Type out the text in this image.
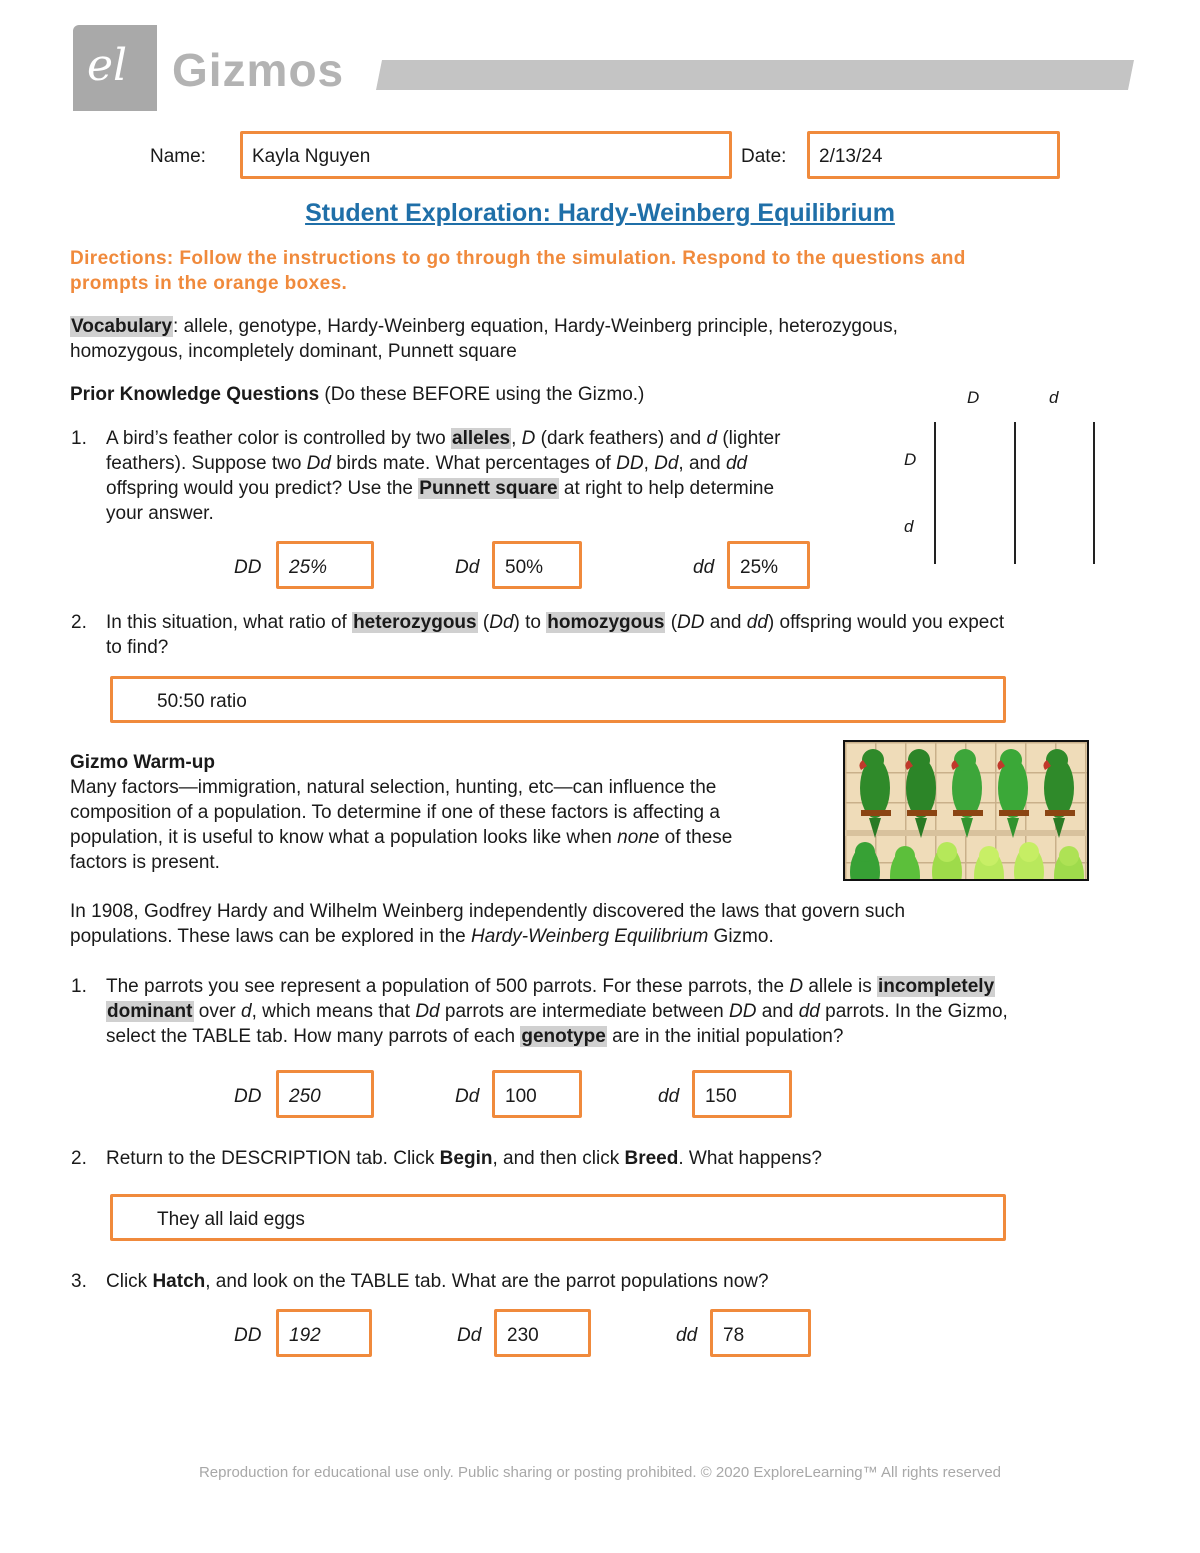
el Gizmos
Name: Kayla Nguyen	Date: 2/13/24
Student Exploration: Hardy-Weinberg Equilibrium
Directions: Follow the instructions to go through the simulation. Respond to the questions and
prompts in the orange boxes.
Vocabulary: allele, genotype, Hardy-Weinberg equation, Hardy-Weinberg principle, heterozygous,
homozygous, incompletely dominant, Punnett square
Prior Knowledge Questions (Do these BEFORE using the Gizmo.)	D	d
D
d
1. A bird’s feather color is controlled by two alleles, D (dark feathers) and d (lighter
feathers). Suppose two Dd birds mate. What percentages of DD, Dd, and dd
offspring would you predict? Use the Punnett square at right to help determine
your answer.
DD 25%	Dd 50%	dd 25%
2. In this situation, what ratio of heterozygous (Dd) to homozygous (DD and dd) offspring would you expect
to find?
50:50 ratio
Gizmo Warm-up
Many factors—immigration, natural selection, hunting, etc—can influence the
composition of a population. To determine if one of these factors is affecting a
population, it is useful to know what a population looks like when none of these
factors is present.
In 1908, Godfrey Hardy and Wilhelm Weinberg independently discovered the laws that govern such
populations. These laws can be explored in the Hardy-Weinberg Equilibrium Gizmo.
1. The parrots you see represent a population of 500 parrots. For these parrots, the D allele is incompletely
dominant over d, which means that Dd parrots are intermediate between DD and dd parrots. In the Gizmo,
select the TABLE tab. How many parrots of each genotype are in the initial population?
DD 250	Dd 100	dd 150
2. Return to the DESCRIPTION tab. Click Begin, and then click Breed. What happens?
They all laid eggs
3. Click Hatch, and look on the TABLE tab. What are the parrot populations now?
DD 192	Dd 230	dd 78
Reproduction for educational use only. Public sharing or posting prohibited. © 2020 ExploreLearning™ All rights reserved
